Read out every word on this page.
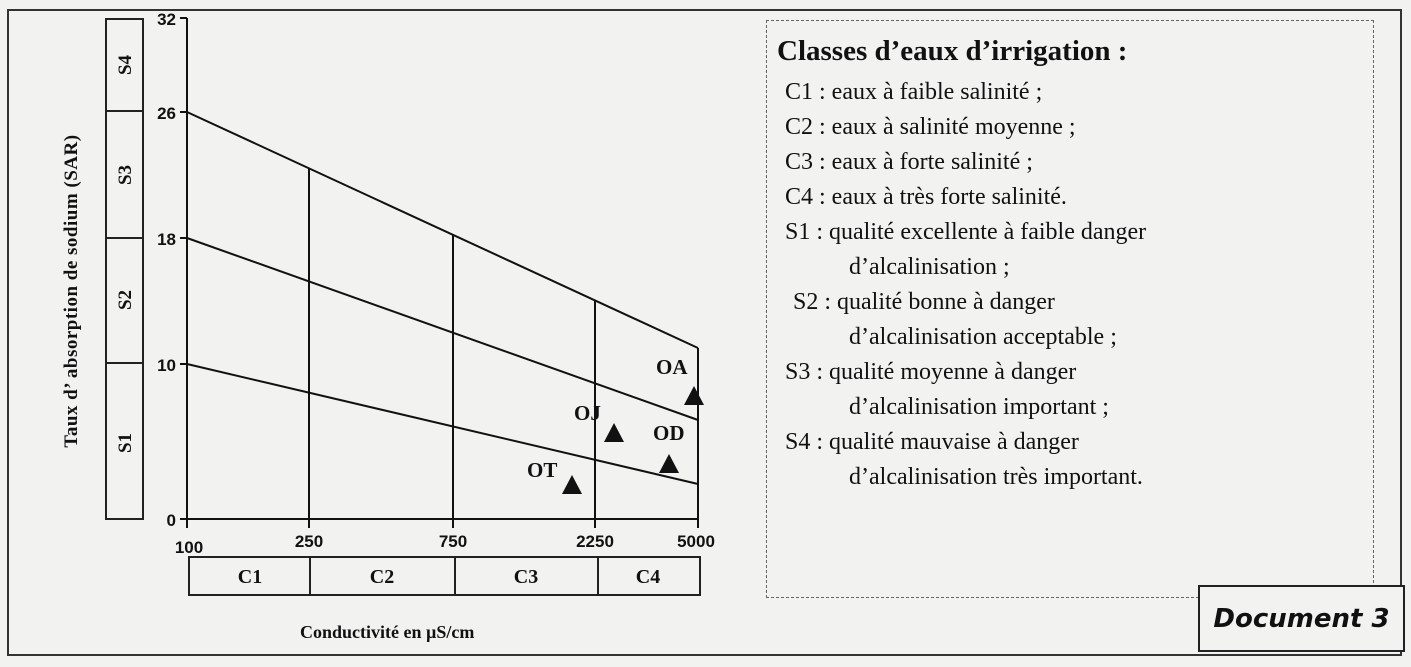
S4
S3
S2
S1
32
26
18
10
0
100	250	750	2250	5000
C1	C2	C3	C4
OA
OJ
OD
OT
Taux d’ absorption de sodium (SAR)
Conductivité en µS/cm
Classes d’eaux d’irrigation :
C1 : eaux à faible salinité ;
C2 : eaux à salinité moyenne ;
C3 : eaux à forte salinité ;
C4 : eaux à très forte salinité.
S1 : qualité excellente à faible danger
d’alcalinisation ;
S2 : qualité bonne à danger
d’alcalinisation acceptable ;
S3 : qualité moyenne à danger
d’alcalinisation important ;
S4 : qualité mauvaise à danger
d’alcalinisation très important.
Document 3
